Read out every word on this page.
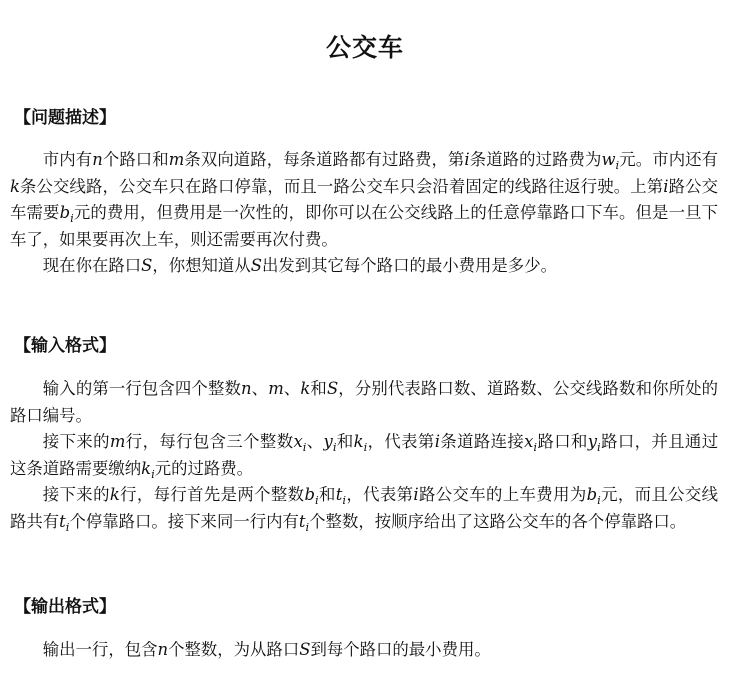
公交车
【问题描述】

市内有n个路口和m条双向道路，每条道路都有过路费，第i条道路的过路费为$w_i$元。市内还有k条公交线路，公交车只在路口停靠，而且一路公交车只会沿着固定的线路往返行驶。上第i路公交车需要$b_i$元的费用，但费用是一次性的，即你可以在公交线路上的任意停靠路口下车。但是一旦下车了，如果要再次上车，则还需要再次付费。

现在你在路口S，你想知道从S出发到其它每个路口的最小费用是多少。

【输入格式】

输入的第一行包含四个整数n、m、k和S，分别代表路口数、道路数、公交线路数和你所处的路口编号。

接下来的m行，每行包含三个整数$x_i$、$y_i$和$k_i$，代表第i条道路连接$x_i$路口和$y_i$路口，并且通过这条道路需要缴纳$k_i$元的过路费。

接下来的k行，每行首先是两个整数$b_i$和$t_i$，代表第i路公交车的上车费用为$b_i$元，而且公交线路共有$t_i$个停靠路口。接下来同一行内有$t_i$个整数，按顺序给出了这路公交车的各个停靠路口。

【输出格式】

输出一行，包含n个整数，为从路口S到每个路口的最小费用。
